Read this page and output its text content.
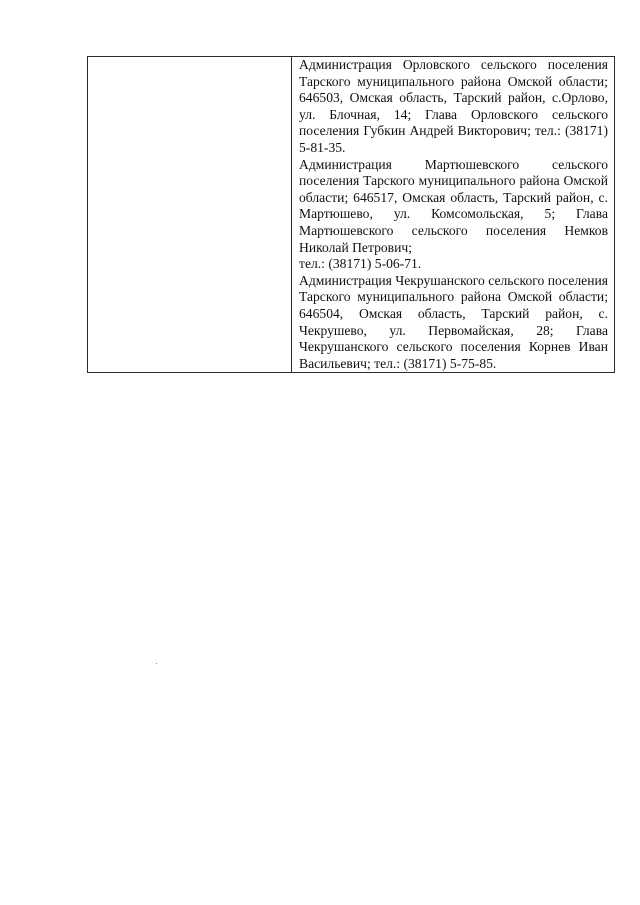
Администрация Орловского сельского поселения Тарского муниципального района Омской области; 646503, Омская область, Тарский район, с.Орлово, ул. Блочная, 14; Глава Орловского сельского поселения Губкин Андрей Викторович; тел.: (38171) 5-81-35.

Администрация Мартюшевского сельского поселения Тарского муниципального района Омской области; 646517, Омская область, Тарский район, с. Мартюшево, ул. Комсомольская, 5; Глава Мартюшевского сельского поселения Немков Николай Петрович;

тел.: (38171) 5-06-71.

Администрация Чекрушанского сельского поселения Тарского муниципального района Омской области; 646504, Омская область, Тарский район, с. Чекрушево, ул. Первомайская, 28; Глава Чекрушанского сельского поселения Корнев Иван Васильевич; тел.: (38171) 5-75-85.
